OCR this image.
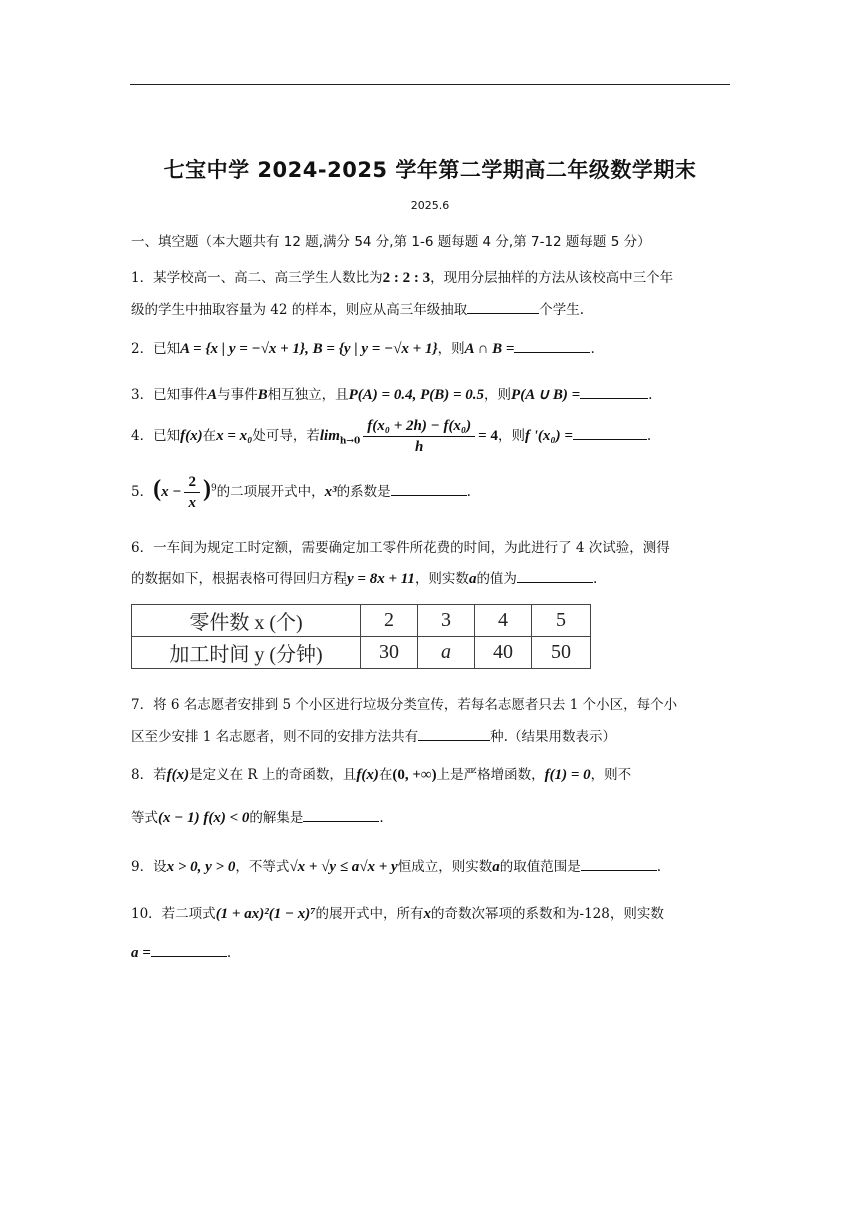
七宝中学 2024-2025 学年第二学期高二年级数学期末
2025.6
一、填空题（本大题共有 12 题,满分 54 分,第 1-6 题每题 4 分,第 7-12 题每题 5 分）
1．某学校高一、高二、高三学生人数比为2 : 2 : 3，现用分层抽样的方法从该校高中三个年
级的学生中抽取容量为 42 的样本，则应从高三年级抽取	个学生.
2．已知A = {x | y = −√x + 1}, B = {y | y = −√x + 1}，则A ∩ B =	.
3．已知事件A与事件B相互独立，且P(A) = 0.4, P(B) = 0.5，则P(A ∪ B) =	.
4．已知f(x)在x = x₀处可导，若$\lim_{h\to 0} \frac{\text{f(x₀ + 2h) − f(x₀)}}{h} = 4$，则f '(x₀) =	.
5．$(x - \frac{2}{x} )^9$的二项展开式中，x³的系数是	.
6．一车间为规定工时定额，需要确定加工零件所花费的时间，为此进行了 4 次试验，测得
的数据如下，根据表格可得回归方程y = 8x + 11，则实数a的值为	.
零件数 x (个)	2	3	4	5
加工时间 y (分钟)	30	a	40	50
7．将 6 名志愿者安排到 5 个小区进行垃圾分类宣传，若每名志愿者只去 1 个小区，每个小
区至少安排 1 名志愿者，则不同的安排方法共有	种.（结果用数表示）
8．若f(x)是定义在 R 上的奇函数，且f(x)在(0, +∞)上是严格增函数，f(1) = 0，则不
等式(x − 1) f(x) < 0的解集是	.
9．设x > 0, y > 0，不等式√x + √y ≤ a√x + y恒成立，则实数a的取值范围是	.
10．若二项式(1 + ax)²(1 − x)⁷的展开式中，所有x的奇数次幂项的系数和为-128，则实数
a =	.
